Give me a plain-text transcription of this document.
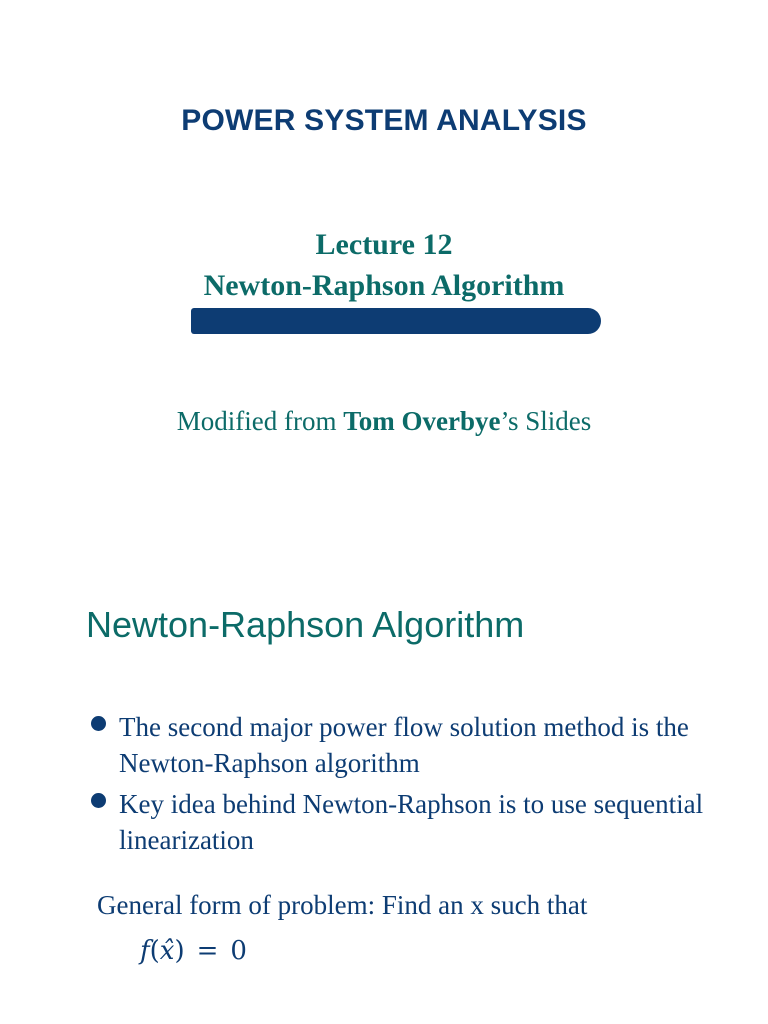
POWER SYSTEM ANALYSIS
Lecture 12
Newton-Raphson Algorithm
Modified from Tom Overbye’s Slides
Newton-Raphson Algorithm
The second major power flow solution method is the Newton-Raphson algorithm
Key idea behind Newton-Raphson is to use sequential linearization
General form of problem: Find an x such that
f(x̂) = 0
